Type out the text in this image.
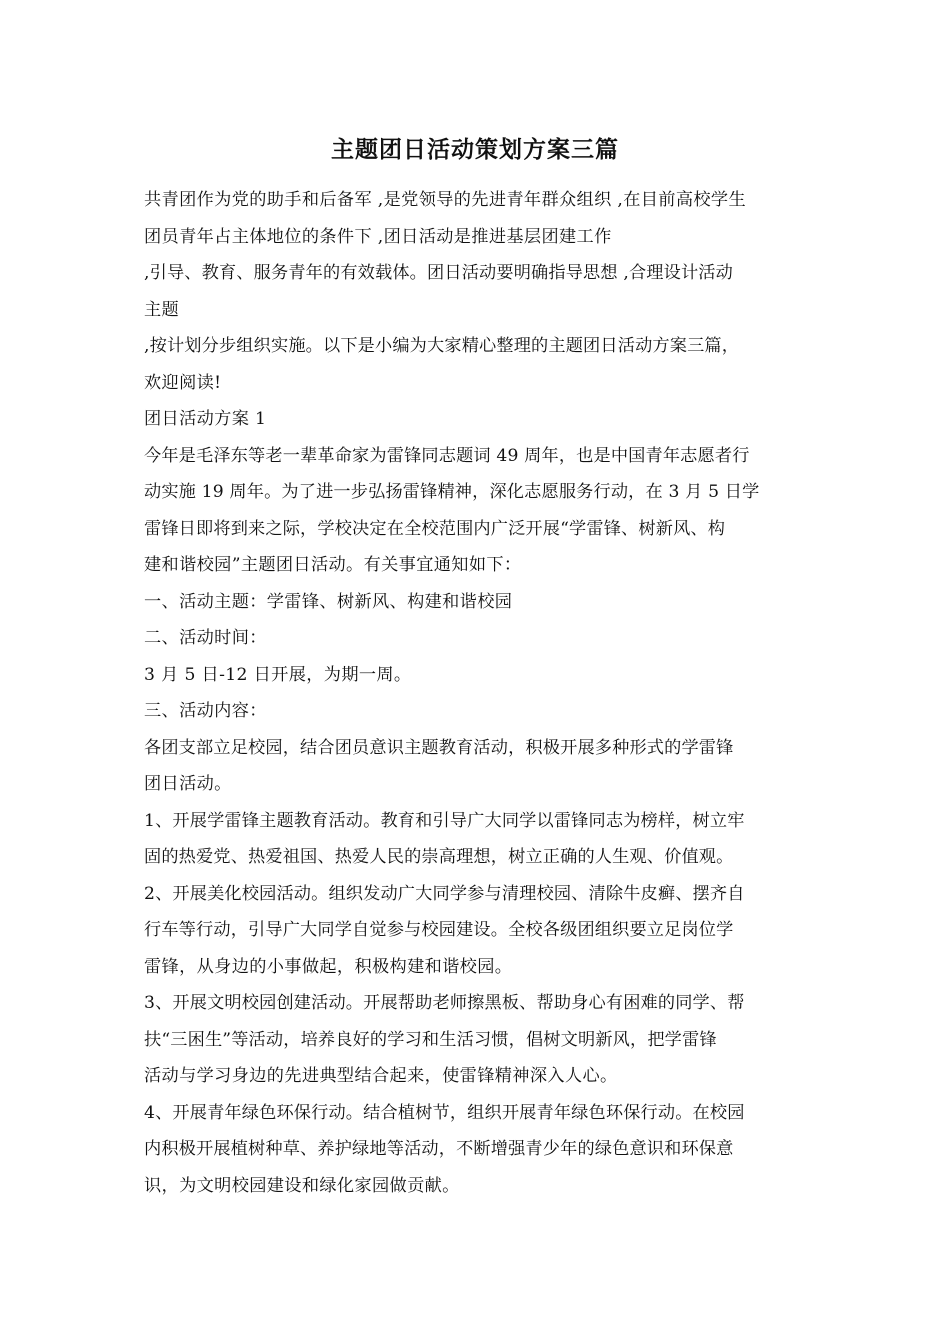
主题团日活动策划方案三篇
共青团作为党的助手和后备军 ,是党领导的先进青年群众组织 ,在目前高校学生
团员青年占主体地位的条件下 ,团日活动是推进基层团建工作
,引导、教育、服务青年的有效载体。团日活动要明确指导思想 ,合理设计活动
主题
,按计划分步组织实施。以下是小编为大家精心整理的主题团日活动方案三篇，
欢迎阅读!
团日活动方案 1
今年是毛泽东等老一辈革命家为雷锋同志题词 49 周年，也是中国青年志愿者行
动实施 19 周年。为了进一步弘扬雷锋精神，深化志愿服务行动，在 3 月 5 日学
雷锋日即将到来之际，学校决定在全校范围内广泛开展“学雷锋、树新风、构
建和谐校园”主题团日活动。有关事宜通知如下：
一、活动主题：学雷锋、树新风、构建和谐校园
二、活动时间：
3 月 5 日-12 日开展，为期一周。
三、活动内容：
各团支部立足校园，结合团员意识主题教育活动，积极开展多种形式的学雷锋
团日活动。
1、开展学雷锋主题教育活动。教育和引导广大同学以雷锋同志为榜样，树立牢
固的热爱党、热爱祖国、热爱人民的崇高理想，树立正确的人生观、价值观。
2、开展美化校园活动。组织发动广大同学参与清理校园、清除牛皮癣、摆齐自
行车等行动，引导广大同学自觉参与校园建设。全校各级团组织要立足岗位学
雷锋，从身边的小事做起，积极构建和谐校园。
3、开展文明校园创建活动。开展帮助老师擦黑板、帮助身心有困难的同学、帮
扶“三困生”等活动，培养良好的学习和生活习惯，倡树文明新风，把学雷锋
活动与学习身边的先进典型结合起来，使雷锋精神深入人心。
4、开展青年绿色环保行动。结合植树节，组织开展青年绿色环保行动。在校园
内积极开展植树种草、养护绿地等活动，不断增强青少年的绿色意识和环保意
识，为文明校园建设和绿化家园做贡献。
